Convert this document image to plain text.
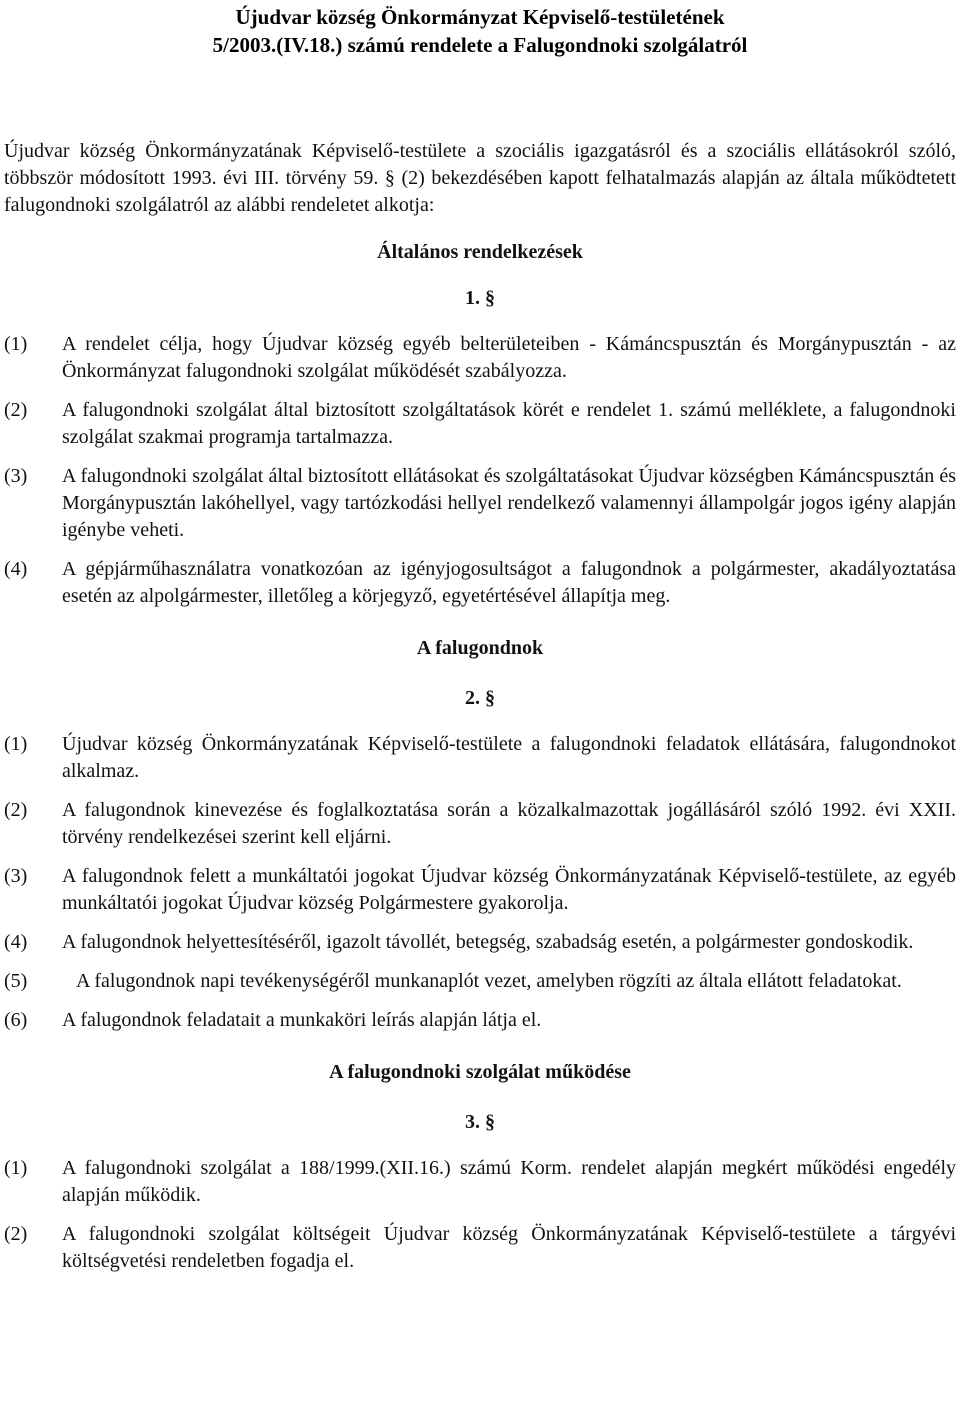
Újudvar község Önkormányzat Képviselő-testületének
5/2003.(IV.18.) számú rendelete a Falugondnoki szolgálatról
Újudvar község Önkormányzatának Képviselő-testülete a szociális igazgatásról és a szociális ellátásokról szóló, többször módosított 1993. évi III. törvény 59. § (2) bekezdésében kapott felhatalmazás alapján az általa működtetett falugondnoki szolgálatról az alábbi rendeletet alkotja:
Általános rendelkezések
1. §
(1)	A rendelet célja, hogy Újudvar község egyéb belterületeiben - Kámáncspusztán és Morgánypusztán - az Önkormányzat falugondnoki szolgálat működését szabályozza.
(2)	A falugondnoki szolgálat által biztosított szolgáltatások körét e rendelet 1. számú melléklete, a falugondnoki szolgálat szakmai programja tartalmazza.
(3)	A falugondnoki szolgálat által biztosított ellátásokat és szolgáltatásokat Újudvar községben Kámáncspusztán és Morgánypusztán lakóhellyel, vagy tartózkodási hellyel rendelkező valamennyi állampolgár jogos igény alapján igénybe veheti.
(4)	A gépjárműhasználatra vonatkozóan az igényjogosultságot a falugondnok a polgármester, akadályoztatása esetén az alpolgármester, illetőleg a körjegyző, egyetértésével állapítja meg.
A falugondnok
2. §
(1)	Újudvar község Önkormányzatának Képviselő-testülete a falugondnoki feladatok ellátására, falugondnokot alkalmaz.
(2)	A falugondnok kinevezése és foglalkoztatása során a közalkalmazottak jogállásáról szóló 1992. évi XXII. törvény rendelkezései szerint kell eljárni.
(3)	A falugondnok felett a munkáltatói jogokat Újudvar község Önkormányzatának Képviselő-testülete, az egyéb munkáltatói jogokat Újudvar község Polgármestere gyakorolja.
(4)	A falugondnok helyettesítéséről, igazolt távollét, betegség, szabadság esetén, a polgármester gondoskodik.
(5)	A falugondnok napi tevékenységéről munkanaplót vezet, amelyben rögzíti az általa ellátott feladatokat.
(6)	A falugondnok feladatait a munkaköri leírás alapján látja el.
A falugondnoki szolgálat működése
3. §
(1)	A falugondnoki szolgálat a 188/1999.(XII.16.) számú Korm. rendelet alapján megkért működési engedély alapján működik.
(2)	A falugondnoki szolgálat költségeit Újudvar község Önkormányzatának Képviselő-testülete a tárgyévi költségvetési rendeletben fogadja el.
